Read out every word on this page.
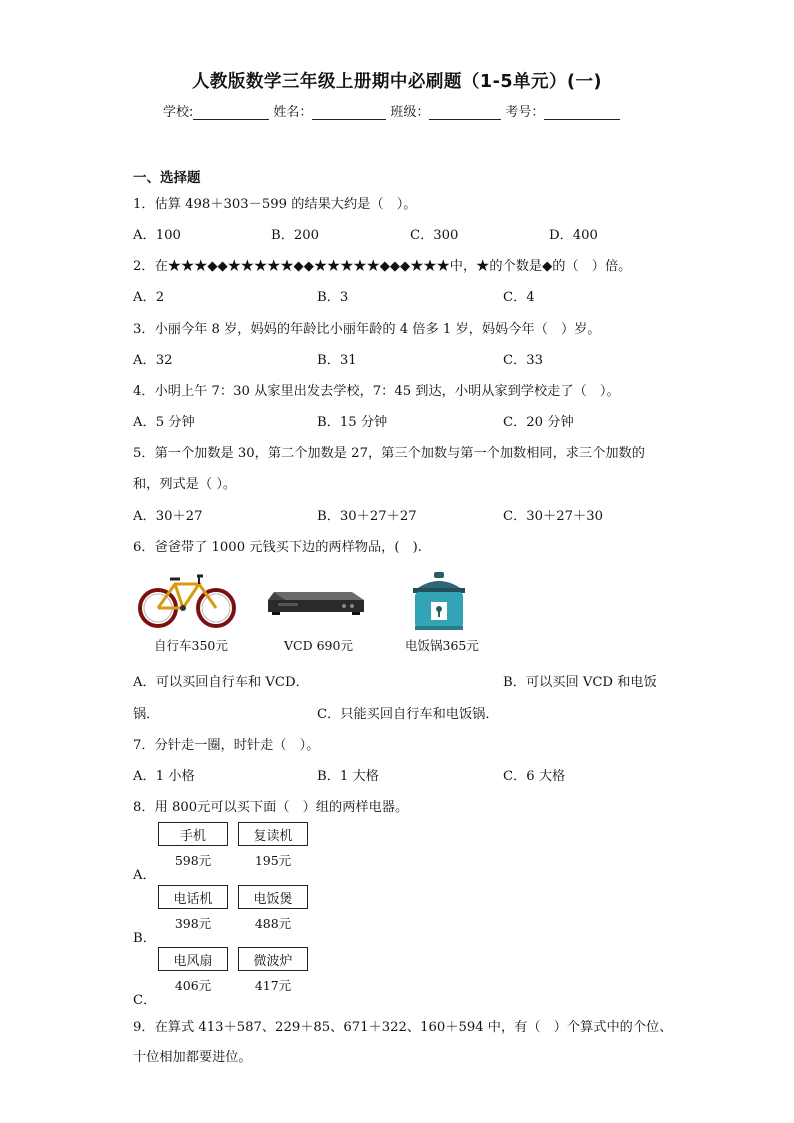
人教版数学三年级上册期中必刷题（1-5单元）(一)
学校:	姓名：	班级：	考号：
一、选择题
1．估算 498＋303－599 的结果大约是（　）。
A．100	B．200	C．300	D．400
2．在★★★◆◆★★★★★◆◆★★★★★◆◆◆★★★中，★的个数是◆的（　）倍。
A．2	B．3	C．4
3．小丽今年 8 岁，妈妈的年龄比小丽年龄的 4 倍多 1 岁，妈妈今年（　）岁。
A．32	B．31	C．33
4．小明上午 7：30 从家里出发去学校，7：45 到达，小明从家到学校走了（　）。
A．5 分钟	B．15 分钟	C．20 分钟
5．第一个加数是 30，第二个加数是 27，第三个加数与第一个加数相同，求三个加数的
和，列式是（ ）。
A．30＋27	B．30＋27＋27	C．30＋27＋30
6．爸爸带了 1000 元钱买下边的两样物品，(　).
自行车350元	VCD 690元	电饭锅365元
A．可以买回自行车和 VCD．	B．可以买回 VCD 和电饭
锅．	C．只能买回自行车和电饭锅．
7．分针走一圈，时针走（　）。
A．1 小格	B．1 大格	C．6 大格
8．用 800元可以买下面（　）组的两样电器。
手机	复读机
598元	195元
A．
电话机	电饭煲
398元	488元
B．
电风扇	微波炉
406元	417元
C．
9．在算式 413＋587、229＋85、671＋322、160＋594 中，有（　）个算式中的个位、
十位相加都要进位。
